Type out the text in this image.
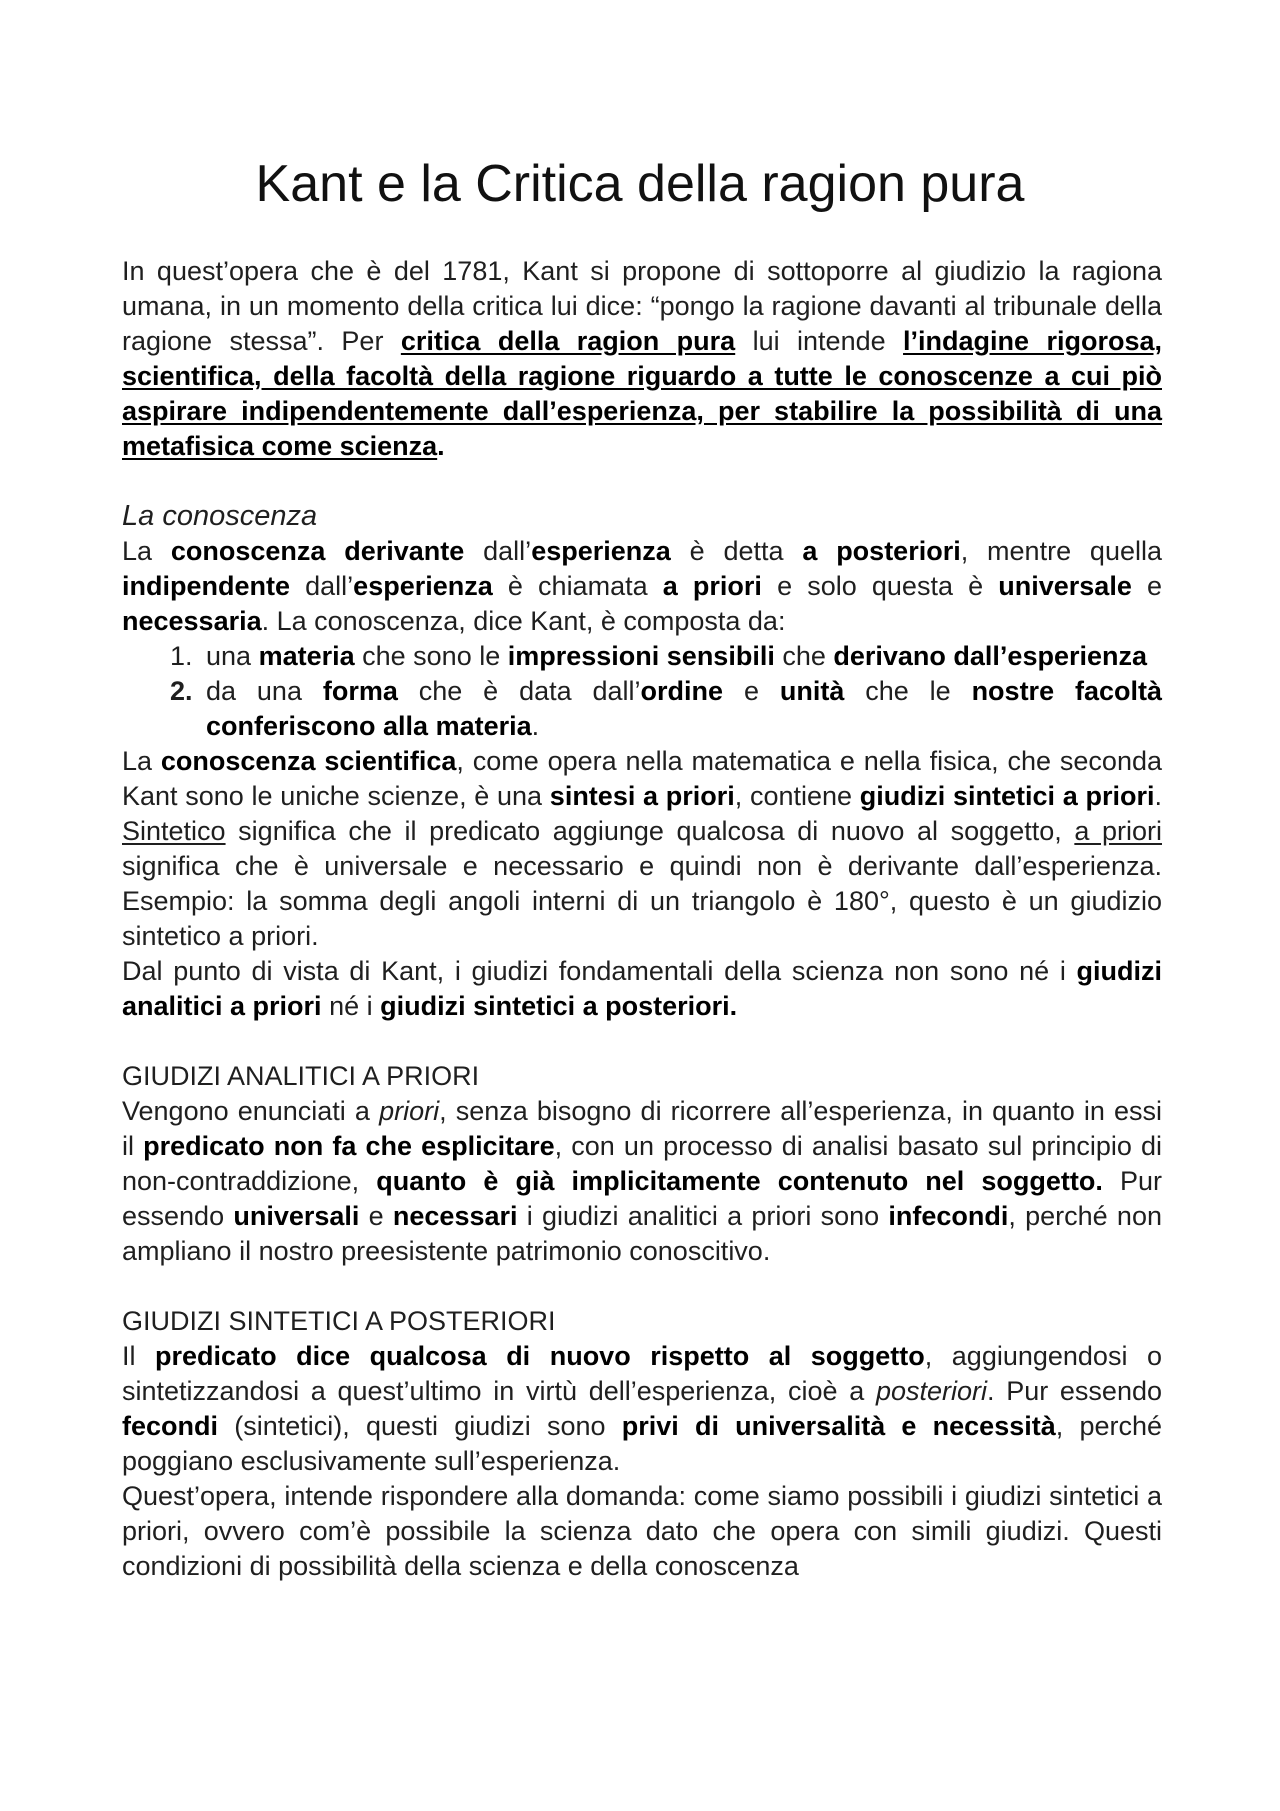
Kant e la Critica della ragion pura

In quest’opera che è del 1781, Kant si propone di sottoporre al giudizio la ragiona umana, in un momento della critica lui dice: “pongo la ragione davanti al tribunale della ragione stessa”. Per critica della ragion pura lui intende l’indagine rigorosa, scientifica, della facoltà della ragione riguardo a tutte le conoscenze a cui piò aspirare indipendentemente dall’esperienza, per stabilire la possibilità di una metafisica come scienza.

La conoscenza

La conoscenza derivante dall’esperienza è detta a posteriori, mentre quella indipendente dall’esperienza è chiamata a priori e solo questa è universale e necessaria. La conoscenza, dice Kant, è composta da:

1. una materia che sono le impressioni sensibili che derivano dall’esperienza
2. da una forma che è data dall’ordine e unità che le nostre facoltà conferiscono alla materia.

La conoscenza scientifica, come opera nella matematica e nella fisica, che seconda Kant sono le uniche scienze, è una sintesi a priori, contiene giudizi sintetici a priori. Sintetico significa che il predicato aggiunge qualcosa di nuovo al soggetto, a priori significa che è universale e necessario e quindi non è derivante dall’esperienza. Esempio: la somma degli angoli interni di un triangolo è 180°, questo è un giudizio sintetico a priori.

Dal punto di vista di Kant, i giudizi fondamentali della scienza non sono né i giudizi analitici a priori né i giudizi sintetici a posteriori.

GIUDIZI ANALITICI A PRIORI

Vengono enunciati a priori, senza bisogno di ricorrere all’esperienza, in quanto in essi il predicato non fa che esplicitare, con un processo di analisi basato sul principio di non-contraddizione, quanto è già implicitamente contenuto nel soggetto. Pur essendo universali e necessari i giudizi analitici a priori sono infecondi, perché non ampliano il nostro preesistente patrimonio conoscitivo.

GIUDIZI SINTETICI A POSTERIORI

Il predicato dice qualcosa di nuovo rispetto al soggetto, aggiungendosi o sintetizzandosi a quest’ultimo in virtù dell’esperienza, cioè a posteriori. Pur essendo fecondi (sintetici), questi giudizi sono privi di universalità e necessità, perché poggiano esclusivamente sull’esperienza.

Quest’opera, intende rispondere alla domanda: come siamo possibili i giudizi sintetici a priori, ovvero com’è possibile la scienza dato che opera con simili giudizi. Questi condizioni di possibilità della scienza e della conoscenza
